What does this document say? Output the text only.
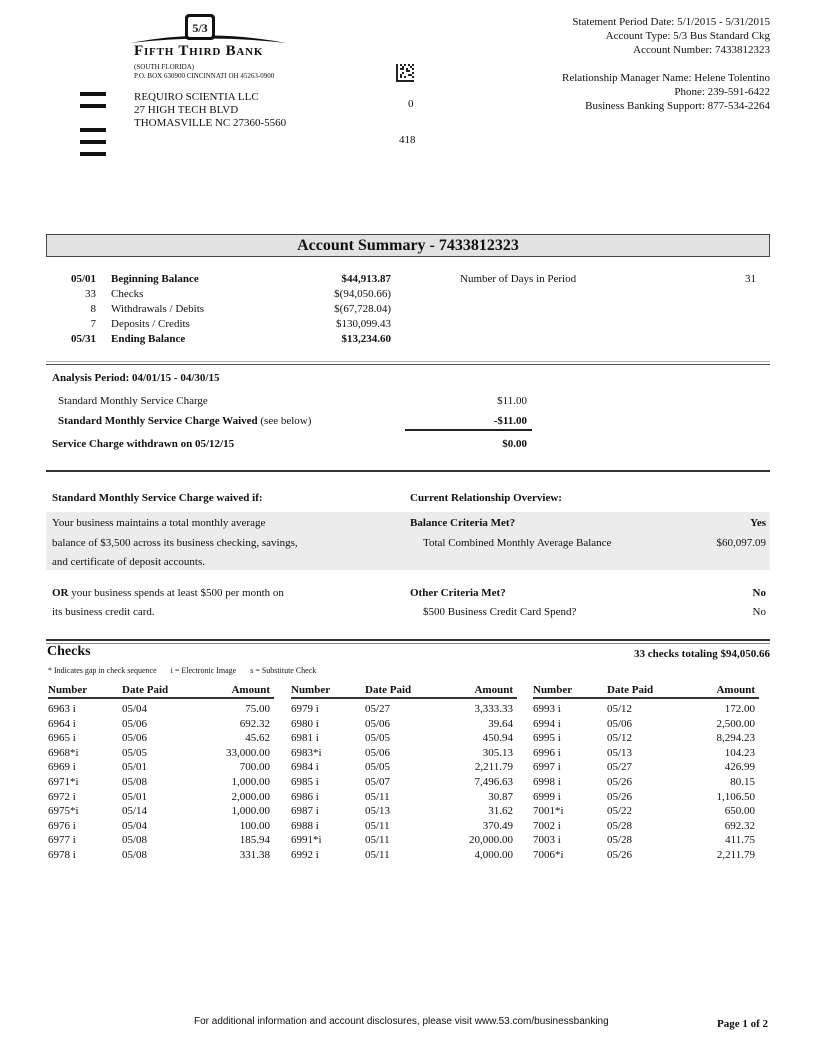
5/3
Fifth Third Bank
(SOUTH FLORIDA)
P.O. BOX 630900 CINCINNATI OH 45263-0900
REQUIRO SCIENTIA LLC
27 HIGH TECH BLVD
THOMASVILLE NC 27360-5560
0
418
Statement Period Date: 5/1/2015 - 5/31/2015
Account Type: 5/3 Bus Standard Ckg
Account Number: 7433812323
Relationship Manager Name: Helene Tolentino
Phone: 239-591-6422
Business Banking Support: 877-534-2264
Account Summary - 7433812323
05/01 Beginning Balance	$44,913.87	Number of Days in Period	31
33 Checks	$(94,050.66)
8 Withdrawals / Debits	$(67,728.04)
7 Deposits / Credits	$130,099.43
05/31 Ending Balance	$13,234.60
Analysis Period: 04/01/15 - 04/30/15
Standard Monthly Service Charge	$11.00
Standard Monthly Service Charge Waived (see below)	-$11.00
Service Charge withdrawn on 05/12/15	$0.00
Standard Monthly Service Charge waived if:	Current Relationship Overview:
Your business maintains a total monthly average
balance of $3,500 across its business checking, savings,
and certificate of deposit accounts.
OR your business spends at least $500 per month on
its business credit card.
Balance Criteria Met?	Yes
Total Combined Monthly Average Balance	$60,097.09
Other Criteria Met?	No
$500 Business Credit Card Spend?	No
Checks	33 checks totaling $94,050.66
* Indicates gap in check sequence i = Electronic Image s = Substitute Check
Number	Date Paid	Amount
6963 i	05/04	75.00
6964 i	05/06	692.32
6965 i	05/06	45.62
6968*i	05/05	33,000.00
6969 i	05/01	700.00
6971*i	05/08	1,000.00
6972 i	05/01	2,000.00
6975*i	05/14	1,000.00
6976 i	05/04	100.00
6977 i	05/08	185.94
6978 i	05/08	331.38
Number	Date Paid	Amount
6979 i	05/27	3,333.33
6980 i	05/06	39.64
6981 i	05/05	450.94
6983*i	05/06	305.13
6984 i	05/05	2,211.79
6985 i	05/07	7,496.63
6986 i	05/11	30.87
6987 i	05/13	31.62
6988 i	05/11	370.49
6991*i	05/11	20,000.00
6992 i	05/11	4,000.00
Number	Date Paid	Amount
6993 i	05/12	172.00
6994 i	05/06	2,500.00
6995 i	05/12	8,294.23
6996 i	05/13	104.23
6997 i	05/27	426.99
6998 i	05/26	80.15
6999 i	05/26	1,106.50
7001*i	05/22	650.00
7002 i	05/28	692.32
7003 i	05/28	411.75
7006*i	05/26	2,211.79
For additional information and account disclosures, please visit www.53.com/businessbanking	Page 1 of 2
